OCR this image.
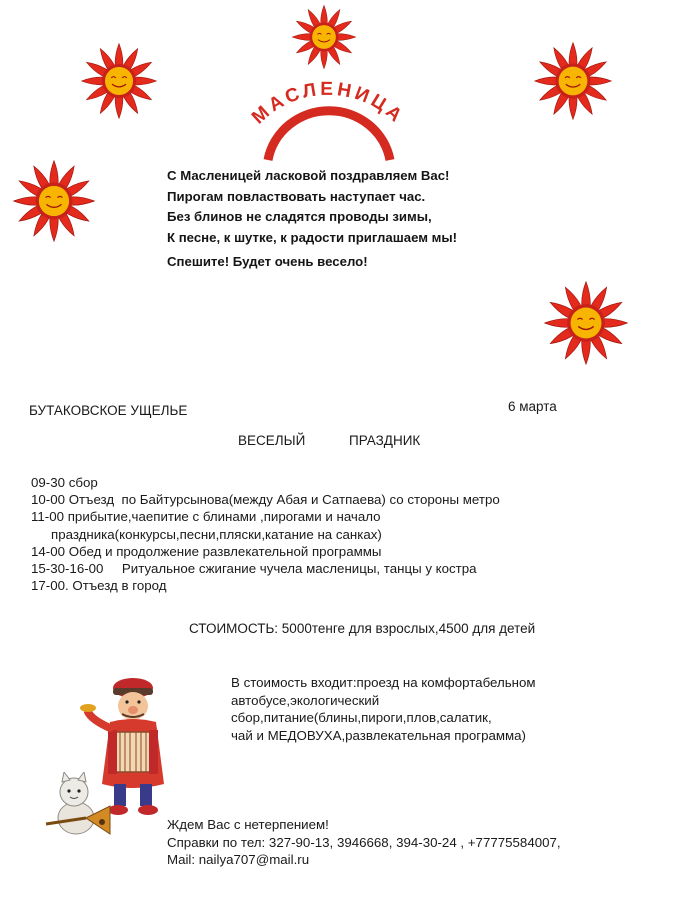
МАСЛЕНИЦА
С Масленицей ласковой поздравляем Вас!
Пирогам повластвовать наступает час.
Без блинов не сладятся проводы зимы,
К песне, к шутке, к радости приглашаем мы!
Спешите! Будет очень весело!
БУТАКОВСКОЕ УЩЕЛЬЕ	6 марта
ВЕСЕЛЫЙ	ПРАЗДНИК
09-30 сбор
10-00 Отъезд  по Байтурсынова(между Абая и Сатпаева) со стороны метро
11-00 прибытие,чаепитие с блинами ,пирогами и начало
праздника(конкурсы,песни,пляски,катание на санках)
14-00 Обед и продолжение развлекательной программы
15-30-16-00     Ритуальное сжигание чучела масленицы, танцы у костра
17-00. Отъезд в город
СТОИМОСТЬ: 5000тенге для взрослых,4500 для детей
В стоимость входит:проезд на комфортабельном
автобусе,экологический
сбор,питание(блины,пироги,плов,салатик,
чай и МЕДОВУХА,развлекательная программа)
Ждем Вас с нетерпением!
Справки по тел: 327-90-13, 3946668, 394-30-24 , +77775584007,
Mail: nailya707@mail.ru
